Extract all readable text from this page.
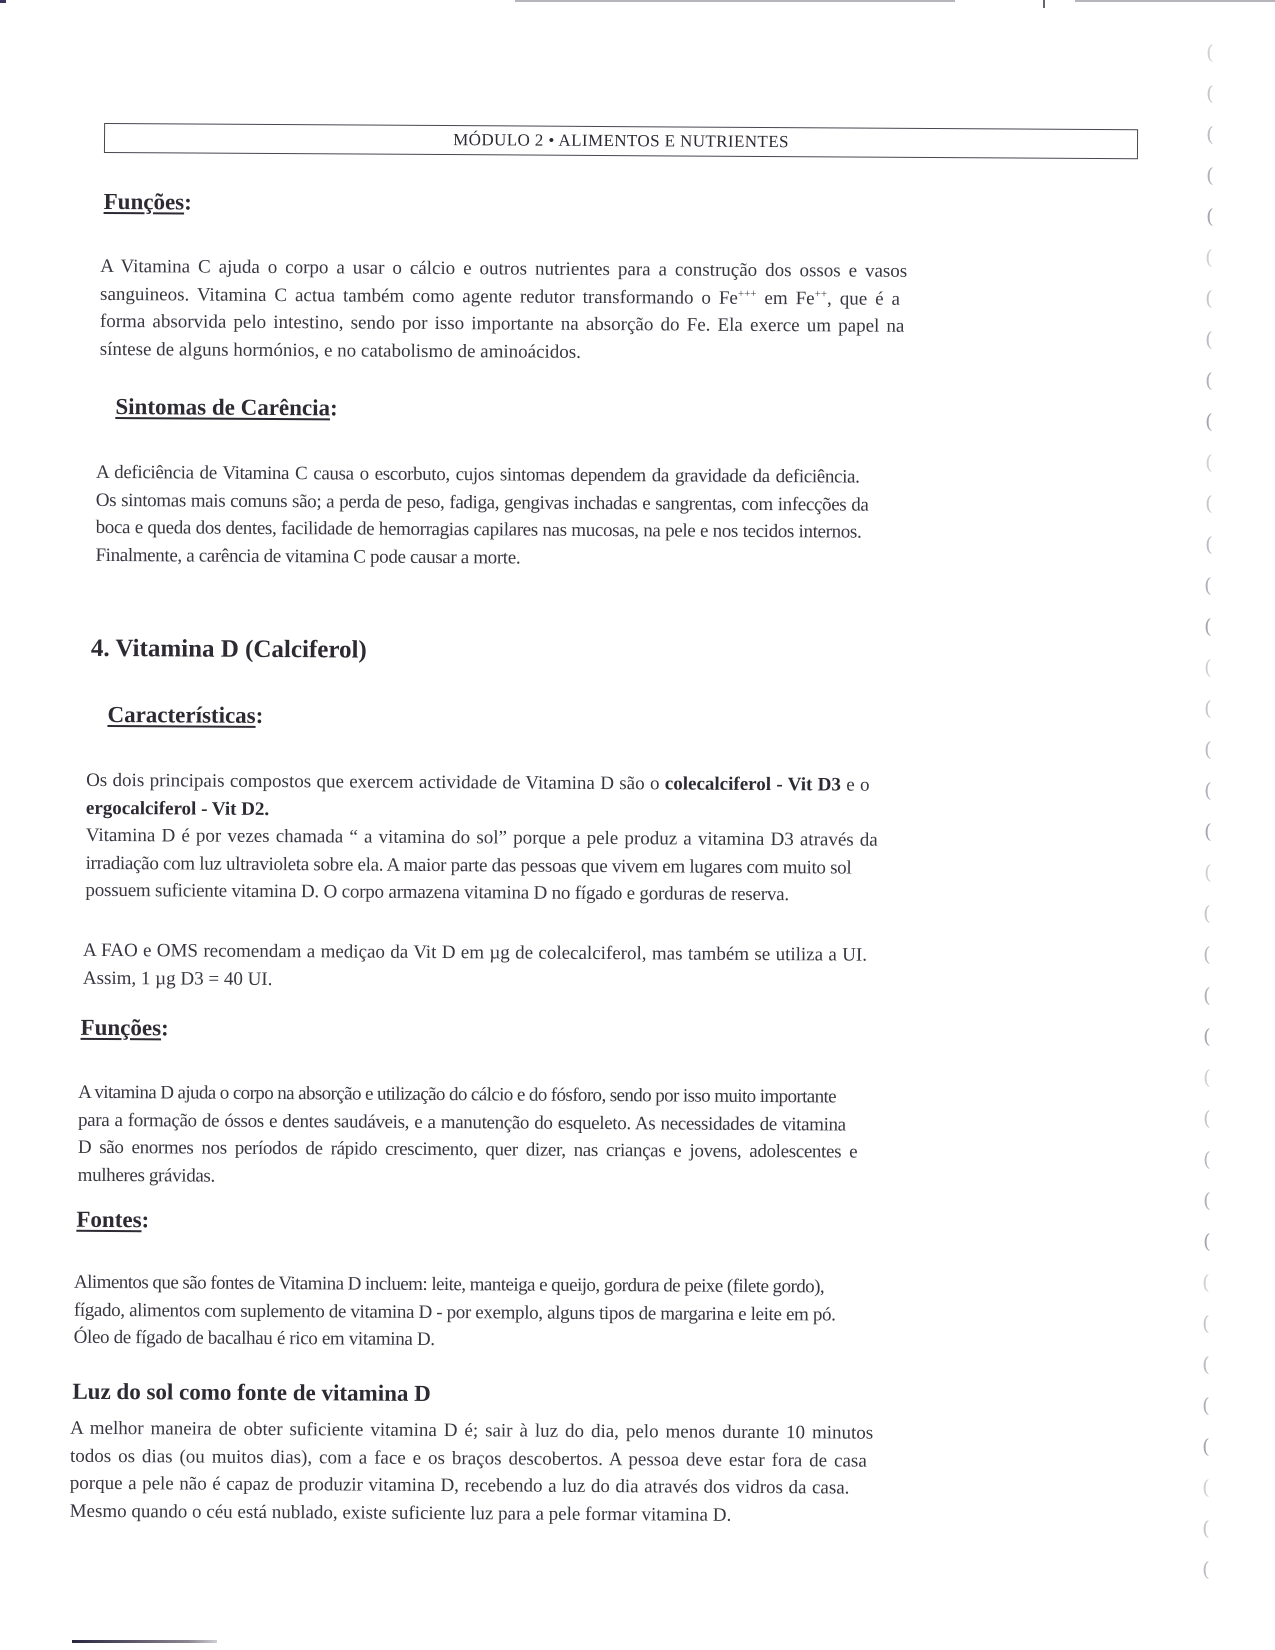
MÓDULO 2 • ALIMENTOS E NUTRIENTES
Funções:
A Vitamina C ajuda o corpo a usar o cálcio e outros nutrientes para a construção dos ossos e vasos
sanguineos. Vitamina C actua também como agente redutor transformando o Fe+++ em Fe++, que é a
forma absorvida pelo intestino, sendo por isso importante na absorção do Fe. Ela exerce um papel na
síntese de alguns hormónios, e no catabolismo de aminoácidos.
Sintomas de Carência:
A deficiência de Vitamina C causa o escorbuto, cujos sintomas dependem da gravidade da deficiência.
Os sintomas mais comuns são; a perda de peso, fadiga, gengivas inchadas e sangrentas, com infecções da
boca e queda dos dentes, facilidade de hemorragias capilares nas mucosas, na pele e nos tecidos internos.
Finalmente, a carência de vitamina C pode causar a morte.
4. Vitamina D (Calciferol)
Características:
Os dois principais compostos que exercem actividade de Vitamina D são o colecalciferol - Vit D3 e o
ergocalciferol - Vit D2.
Vitamina D é por vezes chamada “ a vitamina do sol” porque a pele produz a vitamina D3 através da
irradiação com luz ultravioleta sobre ela. A maior parte das pessoas que vivem em lugares com muito sol
possuem suficiente vitamina D. O corpo armazena vitamina D no fígado e gorduras de reserva.
A FAO e OMS recomendam a mediçao da Vit D em µg de colecalciferol, mas também se utiliza a UI.
Assim, 1 µg D3 = 40 UI.
Funções:
A vitamina D ajuda o corpo na absorção e utilização do cálcio e do fósforo, sendo por isso muito importante
para a formação de óssos e dentes saudáveis, e a manutenção do esqueleto. As necessidades de vitamina
D são enormes nos períodos de rápido crescimento, quer dizer, nas crianças e jovens, adolescentes e
mulheres grávidas.
Fontes:
Alimentos que são fontes de Vitamina D incluem: leite, manteiga e queijo, gordura de peixe (filete gordo),
fígado, alimentos com suplemento de vitamina D - por exemplo, alguns tipos de margarina e leite em pó.
Óleo de fígado de bacalhau é rico em vitamina D.
Luz do sol como fonte de vitamina D
A melhor maneira de obter suficiente vitamina D é; sair à luz do dia, pelo menos durante 10 minutos
todos os dias (ou muitos dias), com a face e os braços descobertos. A pessoa deve estar fora de casa
porque a pele não é capaz de produzir vitamina D, recebendo a luz do dia através dos vidros da casa.
Mesmo quando o céu está nublado, existe suficiente luz para a pele formar vitamina D.
(
(
(
(
(
(
(
(
(
(
(
(
(
(
(
(
(
(
(
(
(
(
(
(
(
(
(
(
(
(
(
(
(
(
(
(
(
(
